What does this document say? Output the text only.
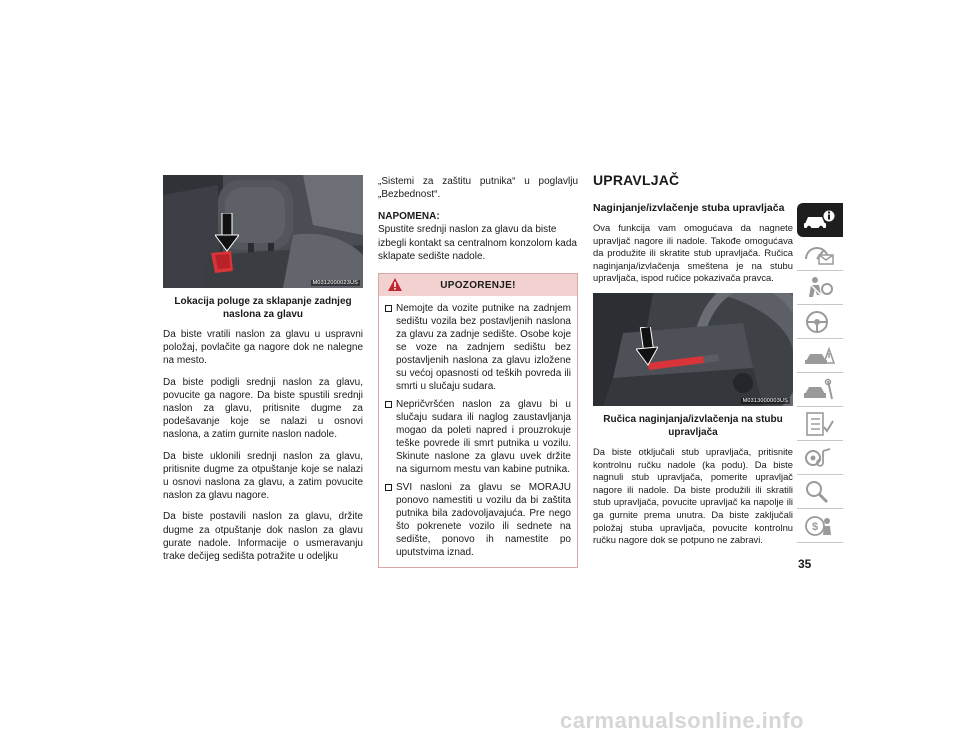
M0312000023US
Lokacija poluge za sklapanje zadnjeg naslona za glavu

Da biste vratili naslon za glavu u uspravni položaj, povlačite ga nagore dok ne nalegne na mesto.

Da biste podigli srednji naslon za glavu, povucite ga nagore. Da biste spustili srednji naslon za glavu, pritisnite dugme za podešavanje koje se nalazi u osnovi naslona, a zatim gurnite naslon nadole.

Da biste uklonili srednji naslon za glavu, pritisnite dugme za otpuštanje koje se nalazi u osnovi naslona za glavu, a zatim povucite naslon za glavu nagore.

Da biste postavili naslon za glavu, držite dugme za otpuštanje dok naslon za glavu gurate nadole. Informacije o usmeravanju trake dečijeg sedišta potražite u odeljku

„Sistemi za zaštitu putnika“ u poglavlju „Bezbednost“.

NAPOMENA:

Spustite srednji naslon za glavu da biste izbegli kontakt sa centralnom konzolom kada sklapate sedište nadole.

UPOZORENJE!
Nemojte da vozite putnike na zadnjem sedištu vozila bez postavljenih naslona za glavu za zadnje sedište. Osobe koje se voze na zadnjem sedištu bez postavljenih naslona za glavu izložene su većoj opasnosti od teških povreda ili smrti u slučaju sudara.
Nepričvršćen naslon za glavu bi u slučaju sudara ili naglog zaustavljanja mogao da poleti napred i prouzrokuje teške povrede ili smrt putnika u vozilu. Skinute naslone za glavu uvek držite na sigurnom mestu van kabine putnika.
SVI nasloni za glavu se MORAJU ponovo namestiti u vozilu da bi zaštita putnika bila zadovoljavajuća. Pre nego što pokrenete vozilo ili sednete na sedište, ponovo ih namestite po uputstvima iznad.
UPRAVLJAČ
Naginjanje/izvlačenje stuba upravljača

Ova funkcija vam omogućava da nagnete upravljač nagore ili nadole. Takođe omogućava da produžite ili skratite stub upravljača. Ručica naginjanja/izvlačenja smeštena je na stubu upravljača, ispod ručice pokazivača pravca.

M0313000003US
Ručica naginjanja/izvlačenja na stubu upravljača

Da biste otključali stub upravljača, pritisnite kontrolnu ručku nadole (ka podu). Da biste nagnuli stub upravljača, pomerite upravljač nagore ili nadole. Da biste produžili ili skratili stub upravljača, povucite upravljač ka napolje ili ga gurnite prema unutra. Da biste zaključali položaj stuba upravljača, povucite kontrolnu ručku nagore dok se potpuno ne zabravi.

$
35
carmanualsonline.info
